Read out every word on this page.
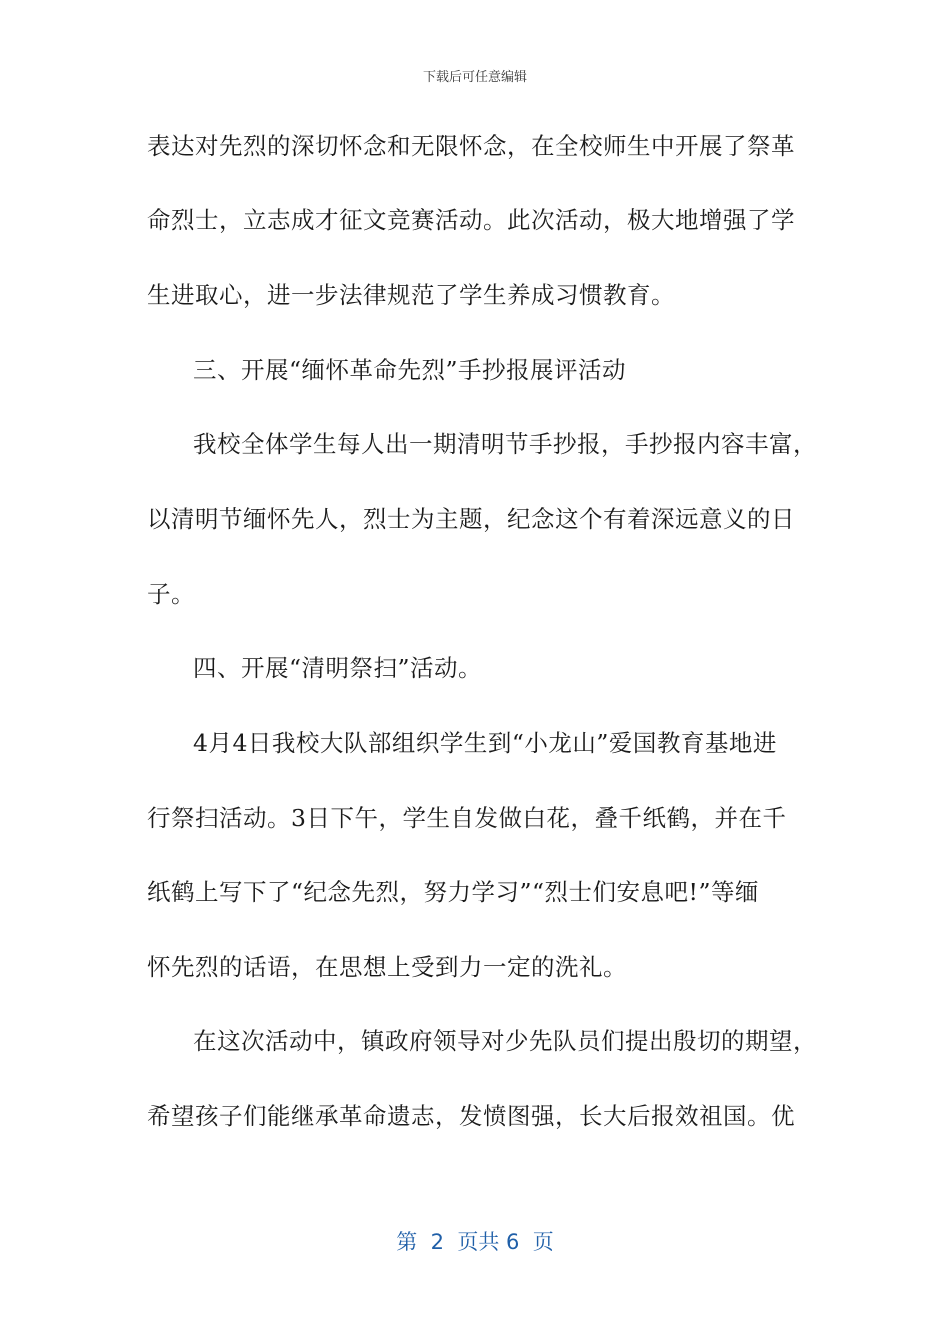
下载后可任意编辑
表达对先烈的深切怀念和无限怀念，在全校师生中开展了祭革
命烈士，立志成才征文竞赛活动。此次活动，极大地增强了学
生进取心，进一步法律规范了学生养成习惯教育。
三、开展“缅怀革命先烈”手抄报展评活动
我校全体学生每人出一期清明节手抄报，手抄报内容丰富，
以清明节缅怀先人，烈士为主题，纪念这个有着深远意义的日
子。
四、开展“清明祭扫”活动。
4月4日我校大队部组织学生到“小龙山”爱国教育基地进
行祭扫活动。3日下午，学生自发做白花，叠千纸鹤，并在千
纸鹤上写下了“纪念先烈，努力学习”“烈士们安息吧!”等缅
怀先烈的话语，在思想上受到力一定的洗礼。
在这次活动中，镇政府领导对少先队员们提出殷切的期望，
希望孩子们能继承革命遗志，发愤图强，长大后报效祖国。优
第  2  页共 6  页
